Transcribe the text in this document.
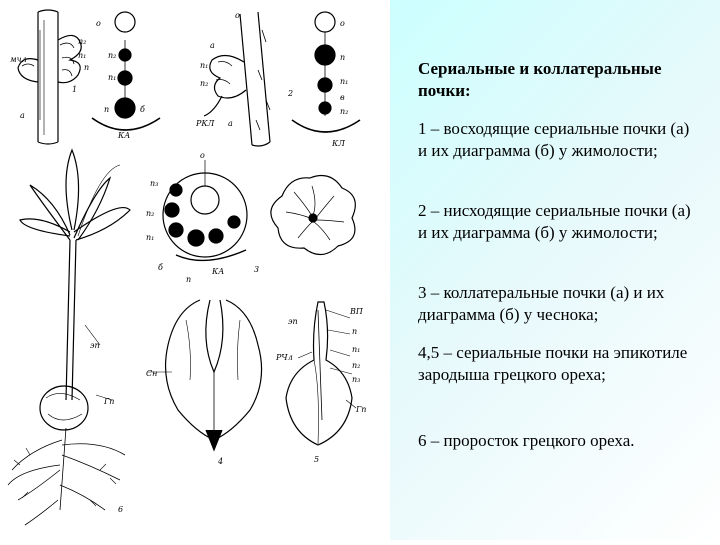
о
п₂
п₁
п
п₂
п₁
п	б
КА
мчл
1
а
о
а
п₁
п₂
РКЛ а
2
о
п
п₁
в
п₂
КЛ
о
п₃
п₂
п₁
б
п
КА	3
эп
Гп
6
Сн
4
ВП
эп
п
п₁
п₂
п₃
РЧл
Гп
5
Сериальные и коллатеральные почки:
1 – восходящие сериальные почки (а) и их диаграмма (б) у жимолости;
2 – нисходящие сериальные почки (а) и их диаграмма (б) у жимолости;
3 – коллатеральные почки (а) и их диаграмма (б) у чеснока;
4,5 – сериальные почки на эпикотиле зародыша грецкого ореха;
6 – проросток грецкого ореха.
